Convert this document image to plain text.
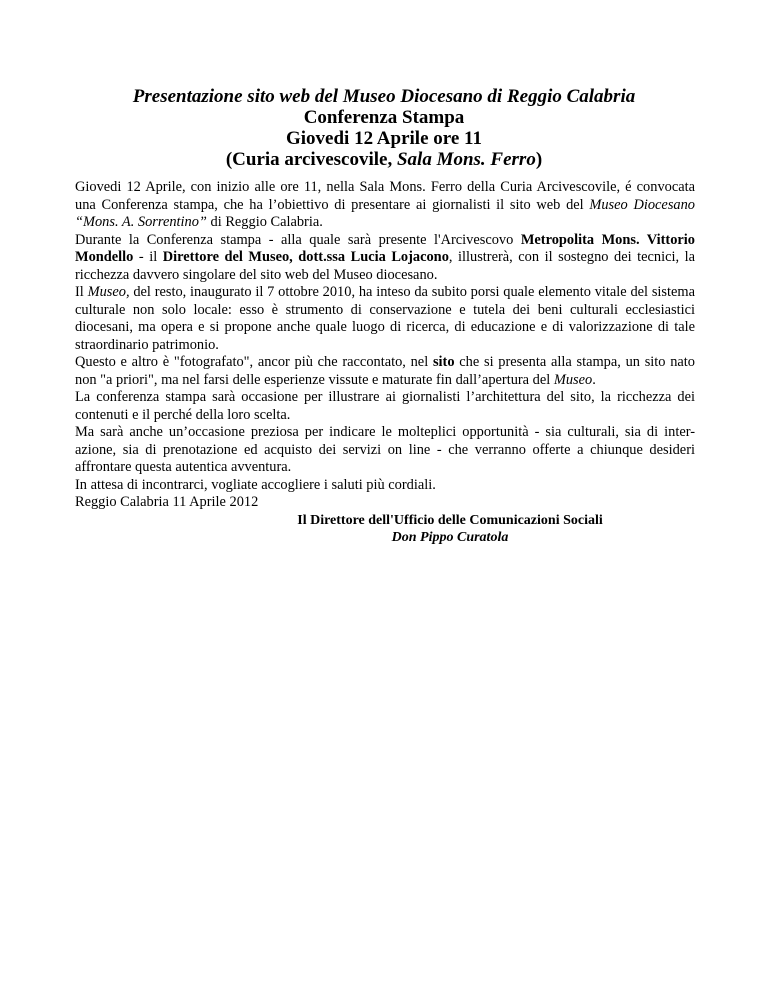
Presentazione sito web del Museo Diocesano di Reggio Calabria
Conferenza Stampa
Giovedi 12 Aprile ore 11
(Curia arcivescovile, Sala Mons. Ferro)

Giovedi 12 Aprile, con inizio alle ore 11, nella Sala Mons. Ferro della Curia Arcivescovile, é convocata una Conferenza stampa, che ha l’obiettivo di presentare ai giornalisti il sito web del Museo Diocesano “Mons. A. Sorrentino” di Reggio Calabria.

Durante la Conferenza stampa - alla quale sarà presente l'Arcivescovo Metropolita Mons. Vittorio Mondello - il Direttore del Museo, dott.ssa Lucia Lojacono, illustrerà, con il sostegno dei tecnici, la ricchezza davvero singolare del sito web del Museo diocesano.

Il Museo, del resto, inaugurato il 7 ottobre 2010, ha inteso da subito porsi quale elemento vitale del sistema culturale non solo locale: esso è strumento di conservazione e tutela dei beni culturali ecclesiastici diocesani, ma opera e si propone anche quale luogo di ricerca, di educazione e di valorizzazione di tale straordinario patrimonio.

Questo e altro è "fotografato", ancor più che raccontato, nel sito che si presenta alla stampa, un sito nato non "a priori", ma nel farsi delle esperienze vissute e maturate fin dall’apertura del Museo.

La conferenza stampa sarà occasione per illustrare ai giornalisti l’architettura del sito, la ricchezza dei contenuti e il perché della loro scelta.

Ma sarà anche un’occasione preziosa per indicare le molteplici opportunità - sia culturali, sia di inter-azione, sia di prenotazione ed acquisto dei servizi on line - che verranno offerte a chiunque desideri affrontare questa autentica avventura.

In attesa di incontrarci, vogliate accogliere i saluti più cordiali.

Reggio Calabria 11 Aprile 2012

Il Direttore dell'Ufficio delle Comunicazioni Sociali
Don Pippo Curatola
